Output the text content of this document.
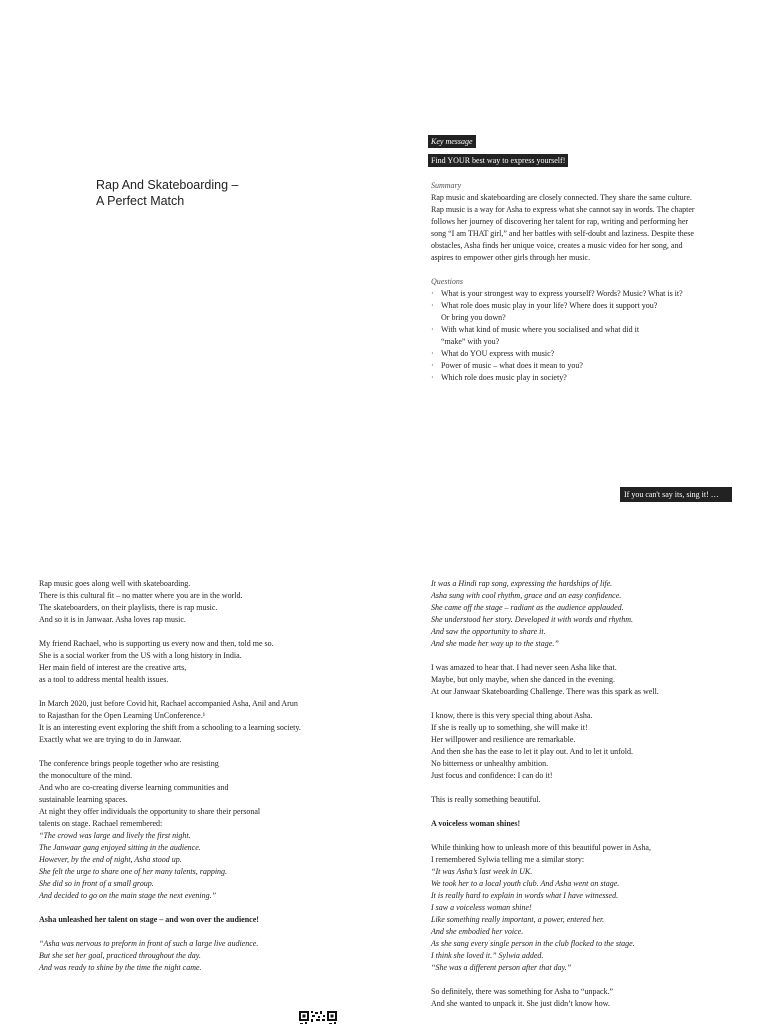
Rap And Skateboarding –
A Perfect Match
Key message
Find YOUR best way to express yourself!
Summary
Rap music and skateboarding are closely connected. They share the same culture.
Rap music is a way for Asha to express what she cannot say in words. The chapter
follows her journey of discovering her talent for rap, writing and performing her
song “I am THAT girl,” and her battles with self-doubt and laziness. Despite these
obstacles, Asha finds her unique voice, creates a music video for her song, and
aspires to empower other girls through her music.
Questions
· What is your strongest way to express yourself? Words? Music? What is it?
· What role does music play in your life? Where does it support you?
Or bring you down?
· With what kind of music where you socialised and what did it
“make” with you?
· What do YOU express with music?
· Power of music – what does it mean to you?
· Which role does music play in society?
If you can't say its, sing it! …
Rap music goes along well with skateboarding.
There is this cultural fit – no matter where you are in the world.
The skateboarders, on their playlists, there is rap music.
And so it is in Janwaar. Asha loves rap music.
My friend Rachael, who is supporting us every now and then, told me so.
She is a social worker from the US with a long history in India.
Her main field of interest are the creative arts,
as a tool to address mental health issues.
In March 2020, just before Covid hit, Rachael accompanied Asha, Anil and Arun
to Rajasthan for the Open Learning UnConference.¹
It is an interesting event exploring the shift from a schooling to a learning society.
Exactly what we are trying to do in Janwaar.
The conference brings people together who are resisting
the monoculture of the mind.
And who are co-creating diverse learning communities and
sustainable learning spaces.
At night they offer individuals the opportunity to share their personal
talents on stage. Rachael remembered:
“The crowd was large and lively the first night.
The Janwaar gang enjoyed sitting in the audience.
However, by the end of night, Asha stood up.
She felt the urge to share one of her many talents, rapping.
She did so in front of a small group.
And decided to go on the main stage the next evening.”
Asha unleashed her talent on stage – and won over the audience!
“Asha was nervous to preform in front of such a large live audience.
But she set her goal, practiced throughout the day.
And was ready to shine by the time the night came.
It was a Hindi rap song, expressing the hardships of life.
Asha sung with cool rhythm, grace and an easy confidence.
She came off the stage – radiant as the audience applauded.
She understood her story. Developed it with words and rhythm.
And saw the opportunity to share it.
And she made her way up to the stage.”
I was amazed to hear that. I had never seen Asha like that.
Maybe, but only maybe, when she danced in the evening.
At our Janwaar Skateboarding Challenge. There was this spark as well.
I know, there is this very special thing about Asha.
If she is really up to something, she will make it!
Her willpower and resilience are remarkable.
And then she has the ease to let it play out. And to let it unfold.
No bitterness or unhealthy ambition.
Just focus and confidence: I can do it!
This is really something beautiful.
A voiceless woman shines!
While thinking how to unleash more of this beautiful power in Asha,
I remembered Sylwia telling me a similar story:
“It was Asha’s last week in UK.
We took her to a local youth club. And Asha went on stage.
It is really hard to explain in words what I have witnessed.
I saw a voiceless woman shine!
Like something really important, a power, entered her.
And she embodied her voice.
As she sang every single person in the club flocked to the stage.
I think she loved it.” Sylwia added.
“She was a different person after that day.”
So definitely, there was something for Asha to “unpack.”
And she wanted to unpack it. She just didn’t know how.
